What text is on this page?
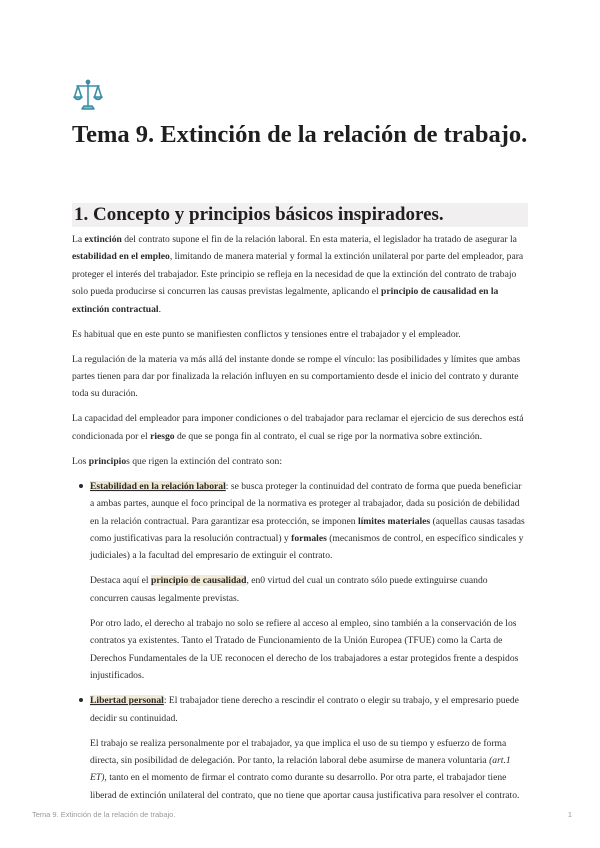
Tema 9. Extinción de la relación de trabajo.
1. Concepto y principios básicos inspiradores.

La extinción del contrato supone el fin de la relación laboral. En esta materia, el legislador ha tratado de asegurar la estabilidad en el empleo, limitando de manera material y formal la extinción unilateral por parte del empleador, para proteger el interés del trabajador. Este principio se refleja en la necesidad de que la extinción del contrato de trabajo solo pueda producirse si concurren las causas previstas legalmente, aplicando el principio de causalidad en la extinción contractual.

Es habitual que en este punto se manifiesten conflictos y tensiones entre el trabajador y el empleador.

La regulación de la materia va más allá del instante donde se rompe el vínculo: las posibilidades y límites que ambas partes tienen para dar por finalizada la relación influyen en su comportamiento desde el inicio del contrato y durante toda su duración.

La capacidad del empleador para imponer condiciones o del trabajador para reclamar el ejercicio de sus derechos está condicionada por el riesgo de que se ponga fin al contrato, el cual se rige por la normativa sobre extinción.

Los principios que rigen la extinción del contrato son:

Estabilidad en la relación laboral: se busca proteger la continuidad del contrato de forma que pueda beneficiar a ambas partes, aunque el foco principal de la normativa es proteger al trabajador, dada su posición de debilidad en la relación contractual. Para garantizar esa protección, se imponen límites materiales (aquellas causas tasadas como justificativas para la resolución contractual) y formales (mecanismos de control, en específico sindicales y judiciales) a la facultad del empresario de extinguir el contrato.

Destaca aquí el principio de causalidad, en0 virtud del cual un contrato sólo puede extinguirse cuando concurren causas legalmente previstas.

Por otro lado, el derecho al trabajo no solo se refiere al acceso al empleo, sino también a la conservación de los contratos ya existentes. Tanto el Tratado de Funcionamiento de la Unión Europea (TFUE) como la Carta de Derechos Fundamentales de la UE reconocen el derecho de los trabajadores a estar protegidos frente a despidos injustificados.

Libertad personal: El trabajador tiene derecho a rescindir el contrato o elegir su trabajo, y el empresario puede decidir su continuidad.

El trabajo se realiza personalmente por el trabajador, ya que implica el uso de su tiempo y esfuerzo de forma directa, sin posibilidad de delegación. Por tanto, la relación laboral debe asumirse de manera voluntaria (art.1 ET), tanto en el momento de firmar el contrato como durante su desarrollo. Por otra parte, el trabajador tiene liberad de extinción unilateral del contrato, que no tiene que aportar causa justificativa para resolver el contrato.

Tema 9. Extinción de la relación de trabajo.	1
